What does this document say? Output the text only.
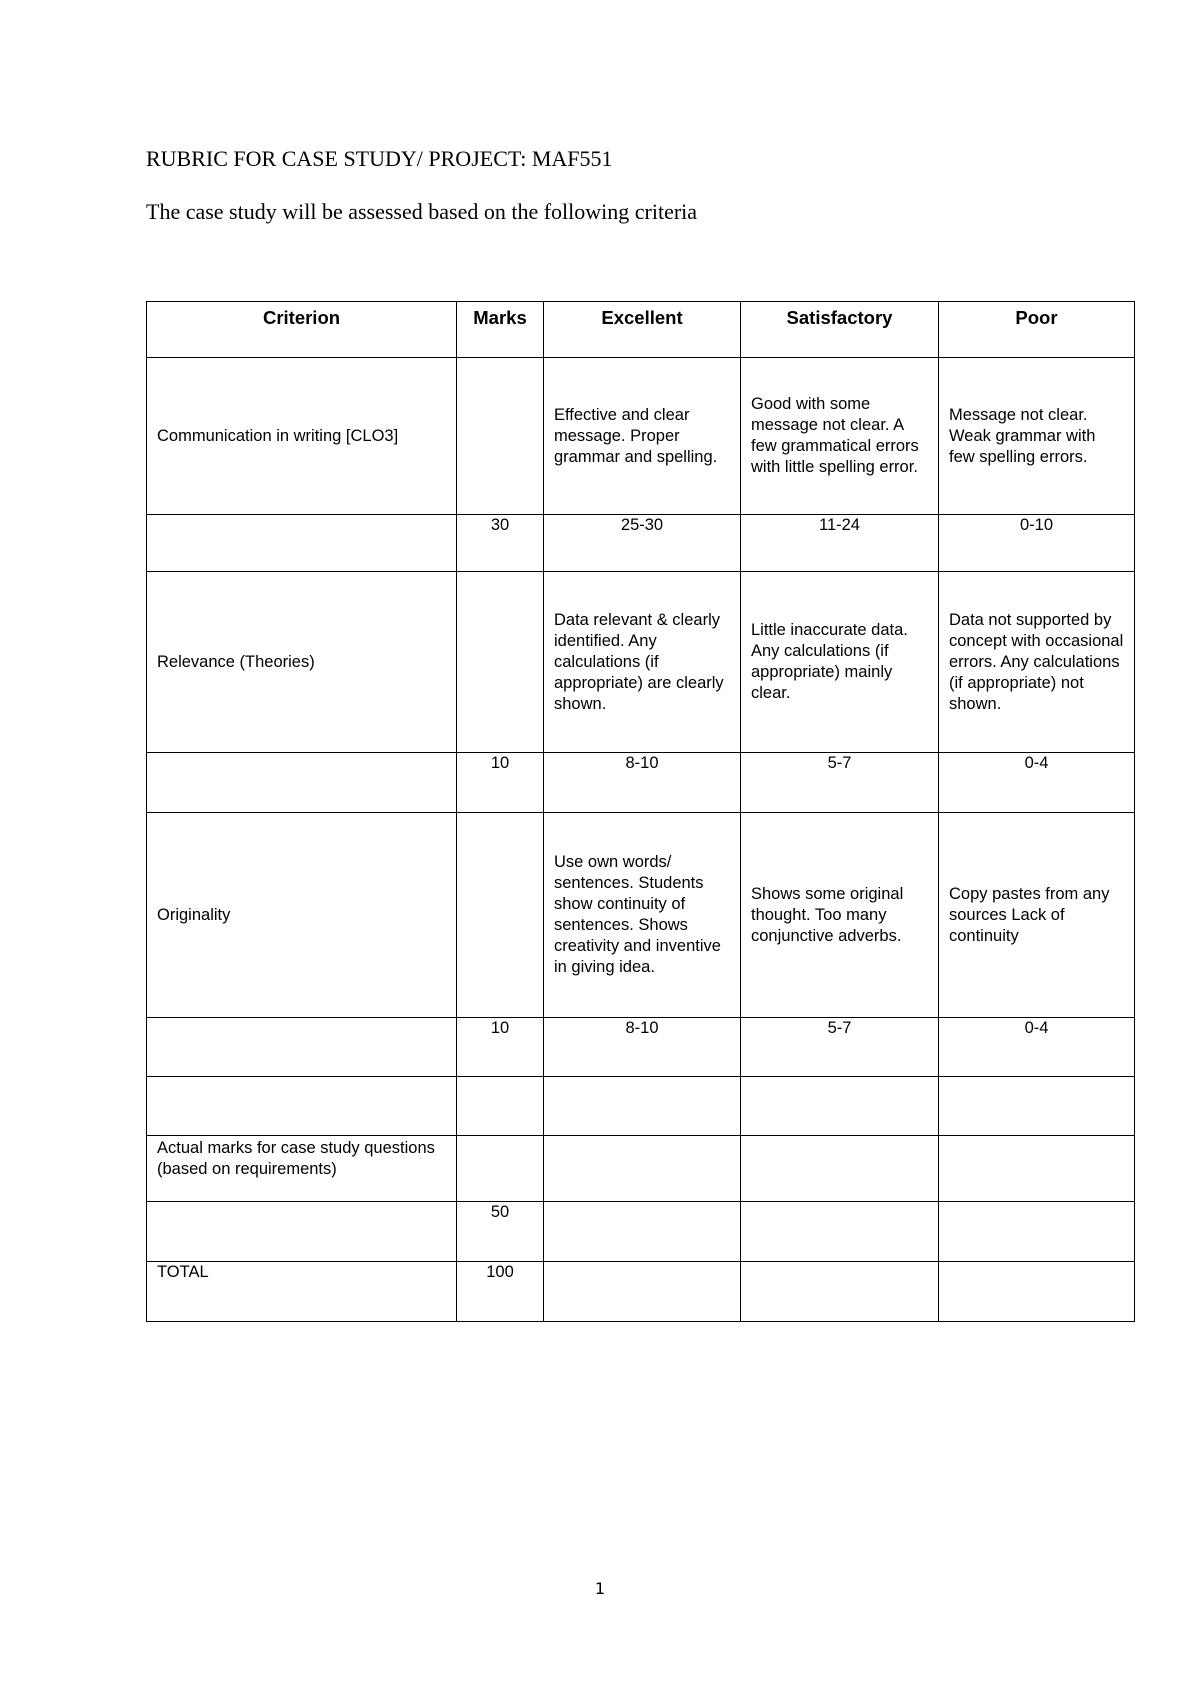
RUBRIC FOR CASE STUDY/ PROJECT: MAF551

The case study will be assessed based on the following criteria

Criterion	Marks	Excellent	Satisfactory	Poor
Communication in writing [CLO3]		Effective and clear message. Proper grammar and spelling.	Good with some message not clear. A few grammatical errors with little spelling error.	Message not clear. Weak grammar with few spelling errors.
	30	25-30	11-24	0-10
Relevance (Theories)		Data relevant & clearly identified. Any calculations (if appropriate) are clearly shown.	Little inaccurate data. Any calculations (if appropriate) mainly clear.	Data not supported by concept with occasional errors. Any calculations (if appropriate) not shown.
	10	8-10	5-7	0-4
Originality		Use own words/ sentences. Students show continuity of sentences. Shows creativity and inventive in giving idea.	Shows some original thought. Too many conjunctive adverbs.	Copy pastes from any sources Lack of continuity
	10	8-10	5-7	0-4

Actual marks for case study questions (based on requirements)				
	50			
TOTAL	100			
1
